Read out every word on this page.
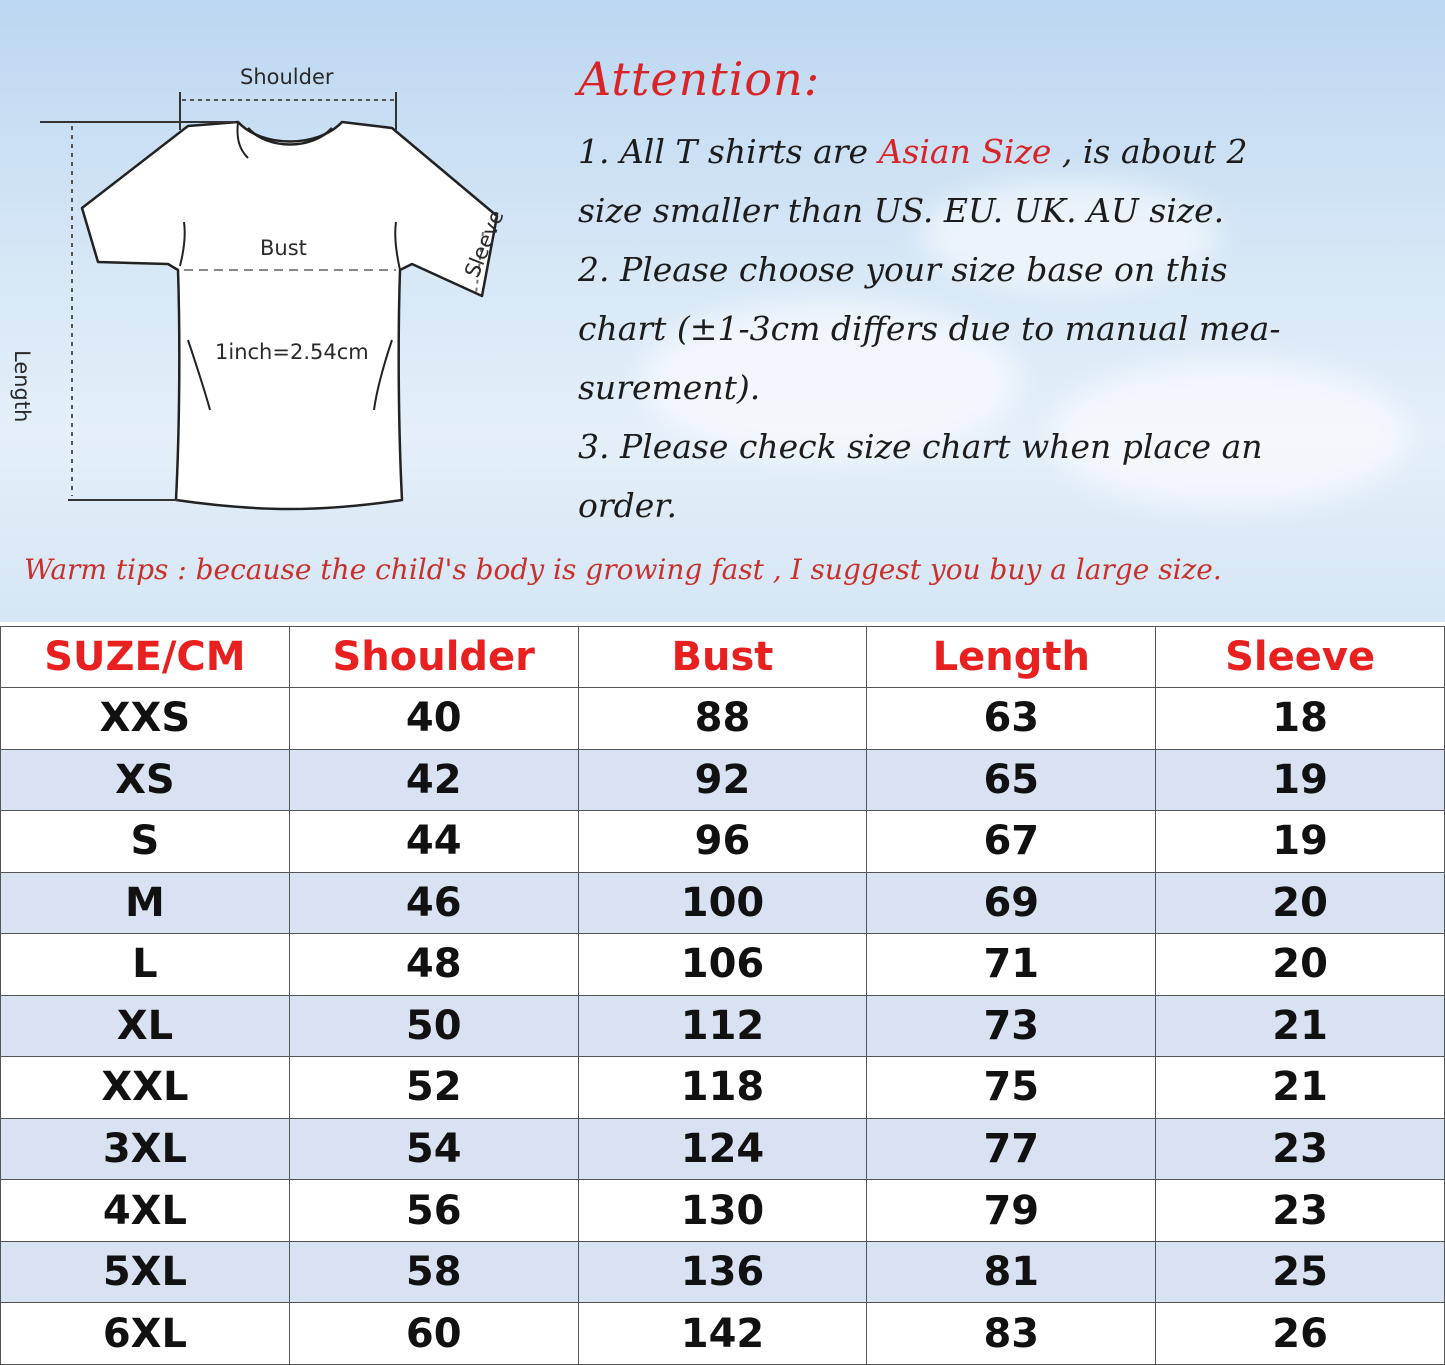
Shoulder
Bust
1inch=2.54cm
Sleeve
Length
Attention:
1. All T shirts are Asian Size , is about 2
size smaller than US. EU. UK. AU size.
2. Please choose your size base on this
chart (±1-3cm differs due to manual mea-
surement).
3. Please check size chart when place an
order.
Warm tips : because the child's body is growing fast , I suggest you buy a large size.
SUZE/CM	Shoulder	Bust	Length	Sleeve
XXS	40	88	63	18
XS	42	92	65	19
S	44	96	67	19
M	46	100	69	20
L	48	106	71	20
XL	50	112	73	21
XXL	52	118	75	21
3XL	54	124	77	23
4XL	56	130	79	23
5XL	58	136	81	25
6XL	60	142	83	26
